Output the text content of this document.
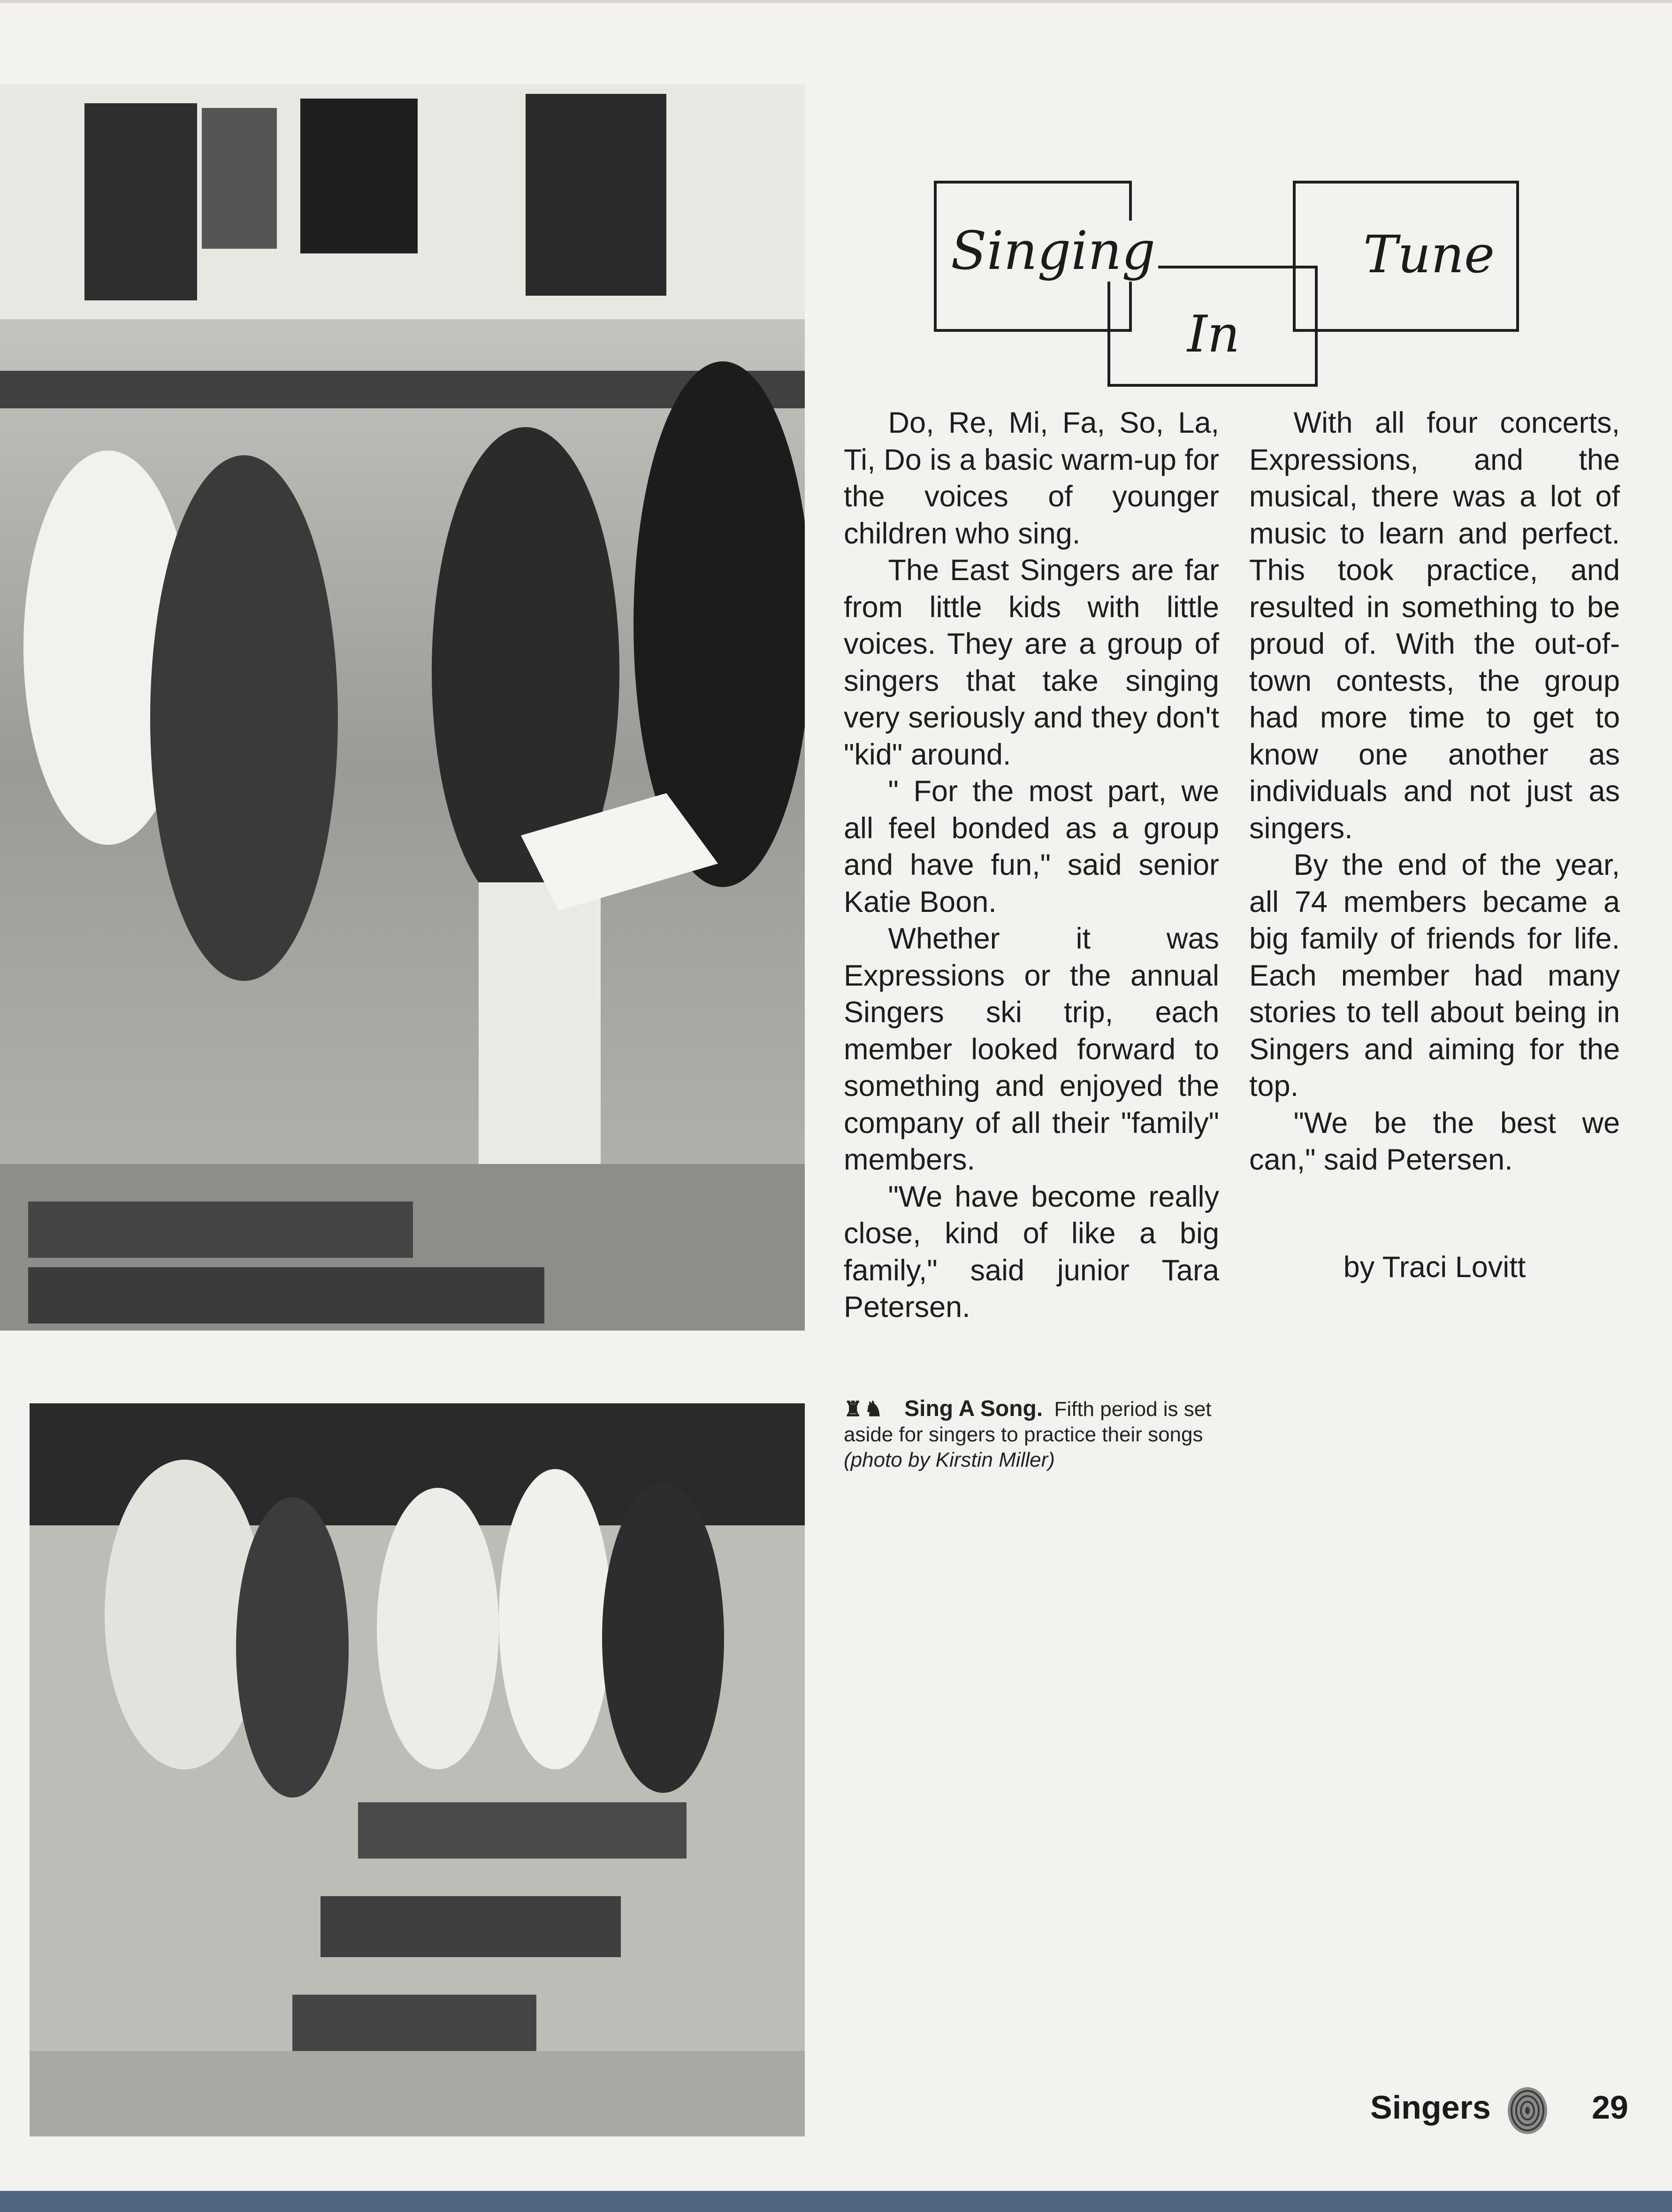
Singing
In
Tune

Do, Re, Mi, Fa, So, La, Ti, Do is a basic warm-up for the voices of younger children who sing.

The East Singers are far from little kids with little voices. They are a group of singers that take singing very seriously and they don't "kid" around.

" For the most part, we all feel bonded as a group and have fun," said senior Katie Boon.

Whether it was Expressions or the annual Singers ski trip, each member looked forward to something and enjoyed the company of all their "family" members.

"We have become really close, kind of like a big family," said junior Tara Petersen.

With all four concerts, Expressions, and the musical, there was a lot of music to learn and perfect. This took practice, and resulted in something to be proud of. With the out-of-town contests, the group had more time to get to know one another as individuals and not just as singers.

By the end of the year, all 74 members became a big family of friends for life. Each member had many stories to tell about being in Singers and aiming for the top.

"We be the best we can," said Petersen.

by Traci Lovitt

♜♞ Sing A Song. Fifth period is set aside for singers to practice their songs (photo by Kirstin Miller)
Singers	29
